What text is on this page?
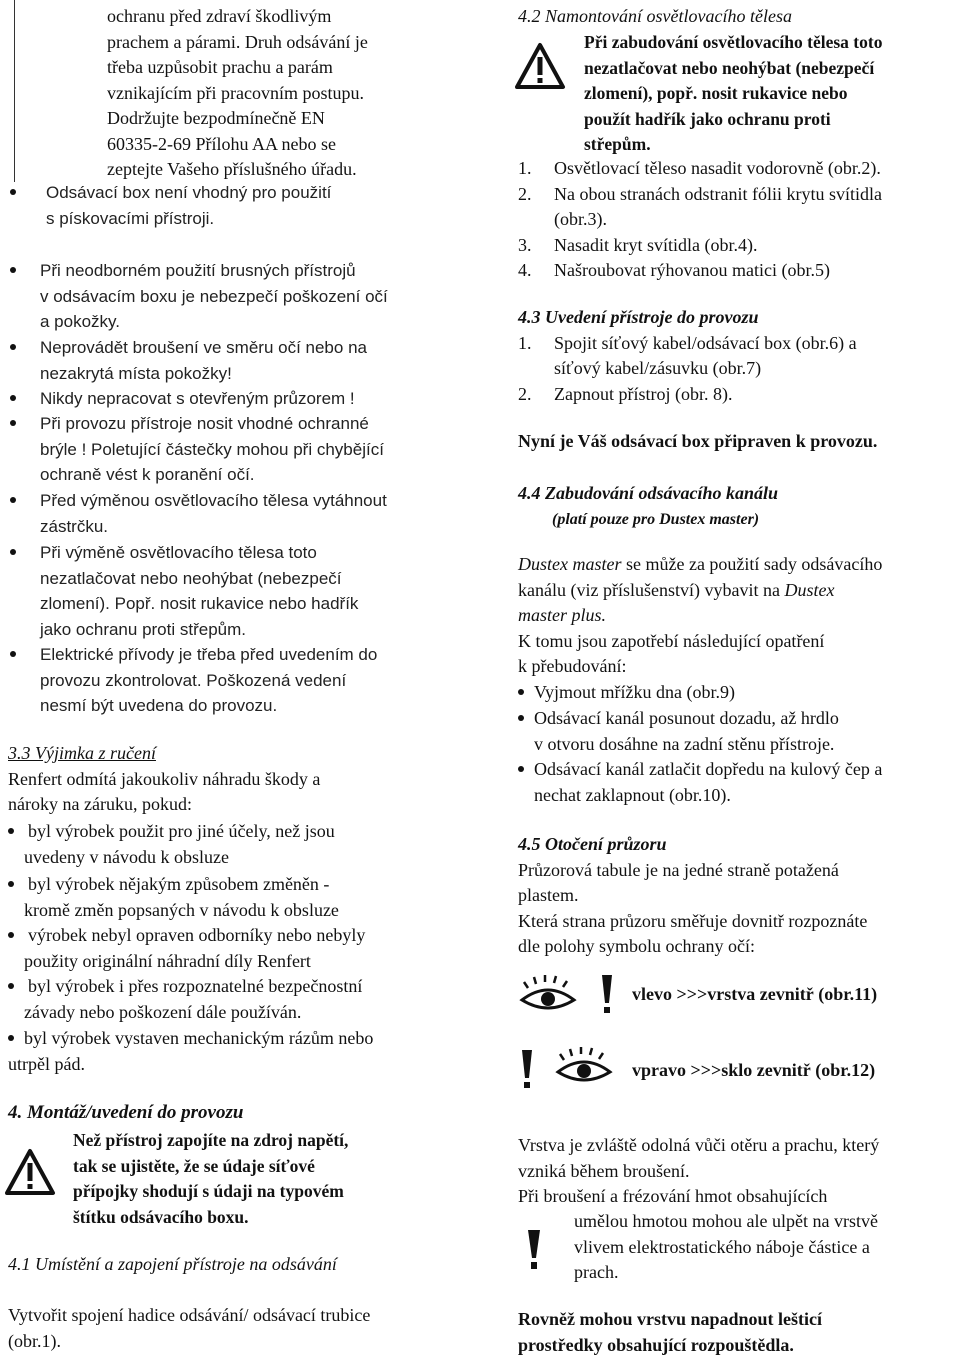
ochranu před zdraví škodlivým

prachem a párami. Druh odsávání je

třeba uzpůsobit prachu a parám

vznikajícím při pracovním postupu.

Dodržujte bezpodmínečně EN

60335-2-69 Přílohu AA nebo se

zeptejte Vašeho příslušného úřadu.

Odsávací box není vhodný pro použití

s pískovacími přístroji.

Při neodborném použití brusných přístrojů

v odsávacím boxu je nebezpečí poškození očí

a pokožky.

Neprovádět broušení ve směru očí nebo na

nezakrytá místa pokožky!

Nikdy nepracovat s otevřeným průzorem !

Při provozu přístroje nosit vhodné ochranné

brýle ! Poletující částečky mohou při chybějící

ochraně vést k poranění očí.

Před výměnou osvětlovacího tělesa vytáhnout

zástrčku.

Při výměně osvětlovacího tělesa toto

nezatlačovat nebo neohýbat (nebezpečí

zlomení). Popř. nosit rukavice nebo hadřík

jako ochranu proti střepům.

Elektrické přívody je třeba před uvedením do

provozu zkontrolovat. Poškozená vedení

nesmí být uvedena do provozu.

3.3 Výjimka z ručení

Renfert odmítá jakoukoliv náhradu škody a

nároky na záruku, pokud:

byl výrobek použit pro jiné účely, než jsou

uvedeny v návodu k obsluze

byl výrobek nějakým způsobem změněn -

kromě změn popsaných v návodu k obsluze

výrobek nebyl opraven odborníky nebo nebyly

použity originální náhradní díly Renfert

byl výrobek i přes rozpoznatelné bezpečnostní

závady nebo poškození dále používán.

byl výrobek vystaven mechanickým rázům nebo

utrpěl pád.

4. Montáž/uvedení do provozu

Než přístroj zapojíte na zdroj napětí,

tak se ujistěte, že se údaje síťové

přípojky shodují s údaji na typovém

štítku odsávacího boxu.

4.1 Umístění a zapojení přístroje na odsávání

Vytvořit spojení hadice odsávání/ odsávací trubice

(obr.1).

4.2 Namontování osvětlovacího tělesa

Při zabudování osvětlovacího tělesa toto

nezatlačovat nebo neohýbat (nebezpečí

zlomení), popř. nosit rukavice nebo

použít hadřík jako ochranu proti

střepům.

1. Osvětlovací těleso nasadit vodorovně (obr.2).

2. Na obou stranách odstranit fólii krytu svítidla

(obr.3).

3. Nasadit kryt svítidla (obr.4).

4. Našroubovat rýhovanou matici (obr.5)

4.3 Uvedení přístroje do provozu

1. Spojit síťový kabel/odsávací box (obr.6) a

síťový kabel/zásuvku (obr.7)

2. Zapnout přístroj (obr. 8).

Nyní je Váš odsávací box připraven k provozu.

4.4 Zabudování odsávacího kanálu

(platí pouze pro Dustex master)

Dustex master se může za použití sady odsávacího

kanálu (viz příslušenství) vybavit na Dustex

master plus.

K tomu jsou zapotřebí následující opatření

k přebudování:

Vyjmout mřížku dna (obr.9)

Odsávací kanál posunout dozadu, až hrdlo

v otvoru dosáhne na zadní stěnu přístroje.

Odsávací kanál zatlačit dopředu na kulový čep a

nechat zaklapnout (obr.10).

4.5 Otočení průzoru

Průzorová tabule je na jedné straně potažená

plastem.

Která strana průzoru směřuje dovnitř rozpoznáte

dle polohy symbolu ochrany očí:

vlevo >>>vrstva zevnitř (obr.11)

vpravo >>>sklo zevnitř (obr.12)

Vrstva je zvláště odolná vůči otěru a prachu, který

vzniká během broušení.

Při broušení a frézování hmot obsahujících

umělou hmotou mohou ale ulpět na vrstvě

vlivem elektrostatického náboje částice a

prach.

Rovněž mohou vrstvu napadnout lešticí

prostředky obsahující rozpouštědla.
